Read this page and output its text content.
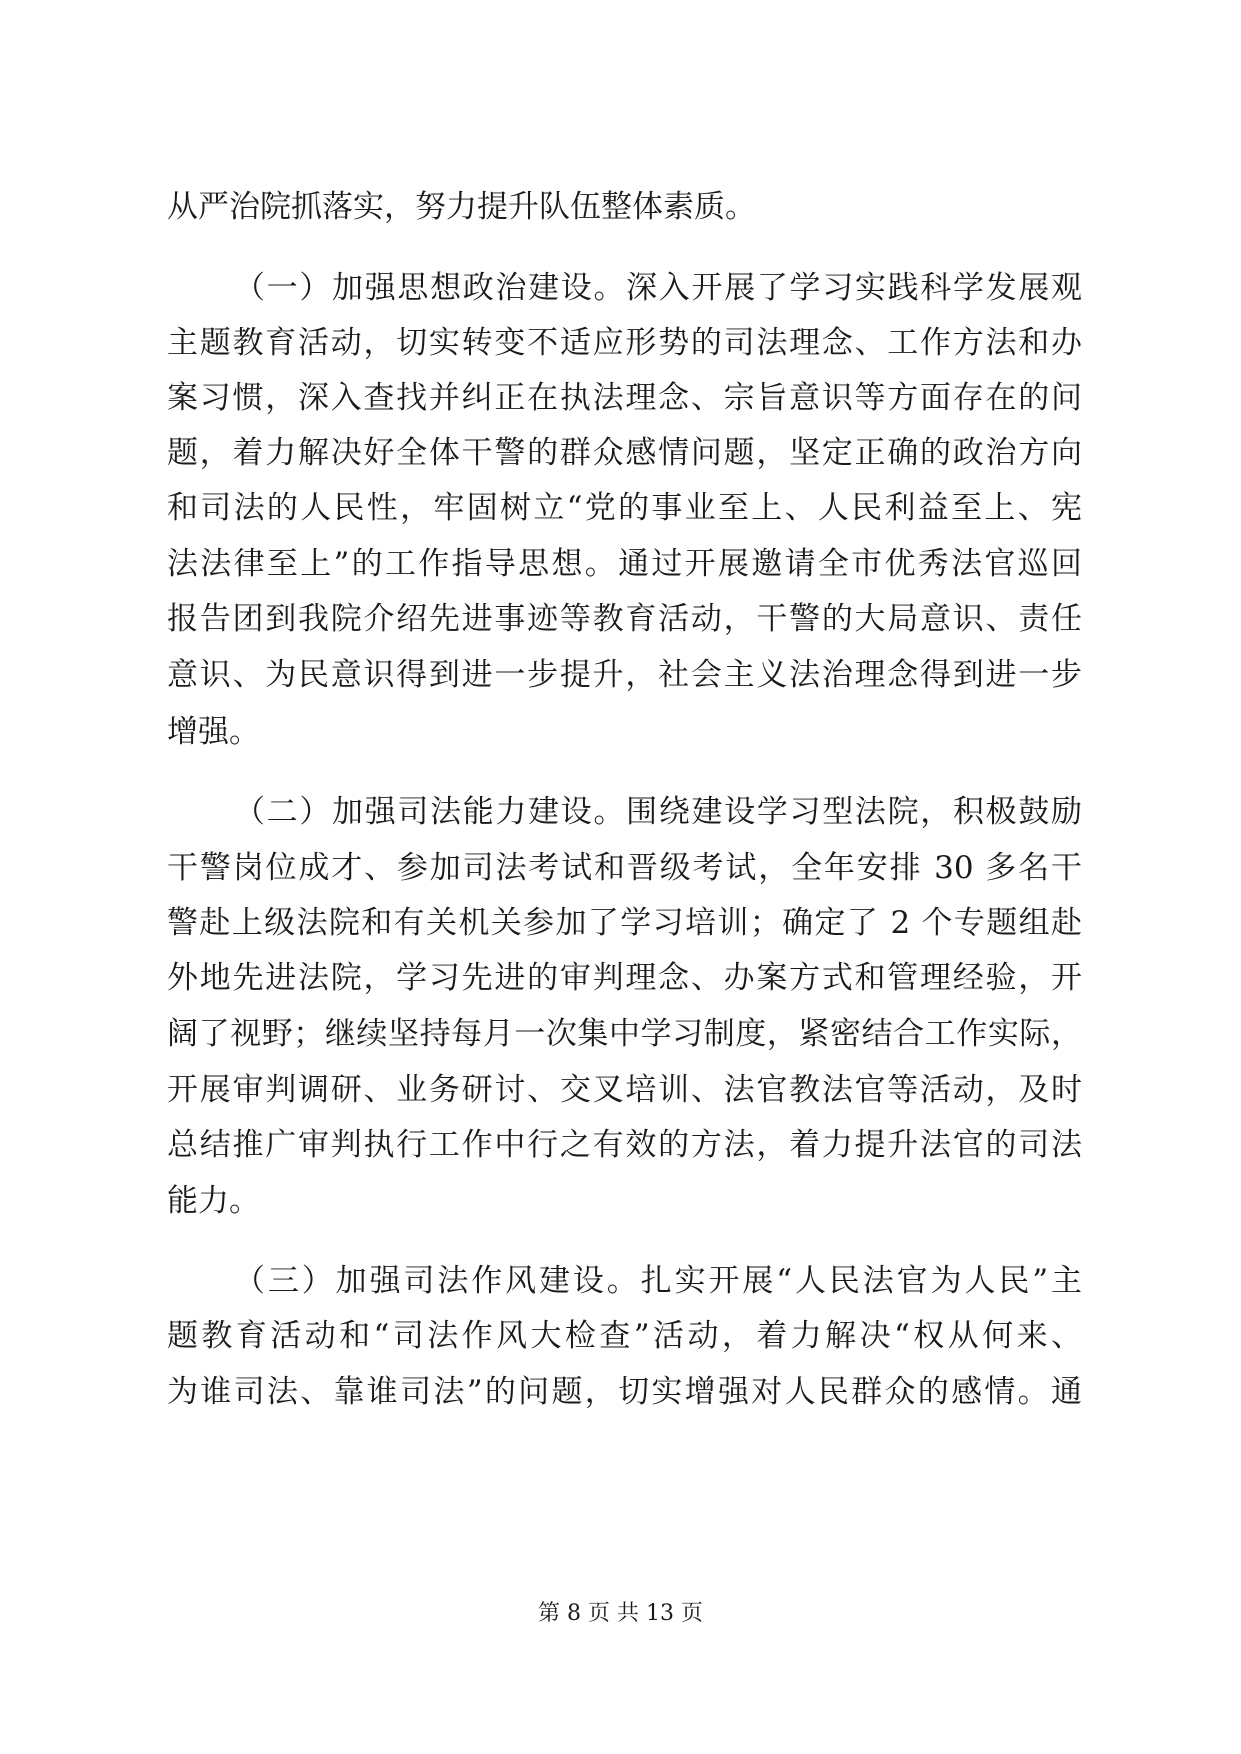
从严治院抓落实，努力提升队伍整体素质。
（一）加强思想政治建设。深入开展了学习实践科学发展观
主题教育活动，切实转变不适应形势的司法理念、工作方法和办
案习惯，深入查找并纠正在执法理念、宗旨意识等方面存在的问
题，着力解决好全体干警的群众感情问题，坚定正确的政治方向
和司法的人民性，牢固树立“党的事业至上、人民利益至上、宪
法法律至上”的工作指导思想。通过开展邀请全市优秀法官巡回
报告团到我院介绍先进事迹等教育活动，干警的大局意识、责任
意识、为民意识得到进一步提升，社会主义法治理念得到进一步
增强。
（二）加强司法能力建设。围绕建设学习型法院，积极鼓励
干警岗位成才、参加司法考试和晋级考试，全年安排 30 多名干
警赴上级法院和有关机关参加了学习培训；确定了 2 个专题组赴
外地先进法院，学习先进的审判理念、办案方式和管理经验，开
阔了视野；继续坚持每月一次集中学习制度，紧密结合工作实际，
开展审判调研、业务研讨、交叉培训、法官教法官等活动，及时
总结推广审判执行工作中行之有效的方法，着力提升法官的司法
能力。
（三）加强司法作风建设。扎实开展“人民法官为人民”主
题教育活动和“司法作风大检查”活动，着力解决“权从何来、
为谁司法、靠谁司法”的问题，切实增强对人民群众的感情。通
第 8 页 共 13 页
